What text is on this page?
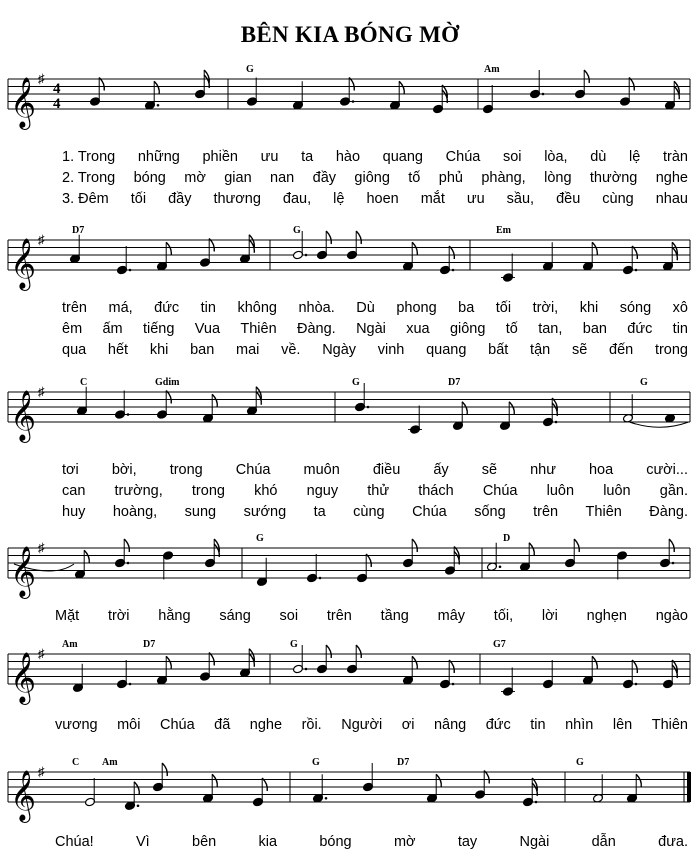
BÊN KIA BÓNG MỜ
𝄞 ♯
4
4
𝄞 ♯
𝄞 ♯
𝄞 ♯
𝄞 ♯
𝄞 ♯
G	Am
1. Trong những phiền ưu ta hào quang Chúa soi lòa, dù lệ tràn
2. Trong bóng mờ gian nan đầy giông tố phủ phàng, lòng thường nghe
3. Đêm tối đầy thương đau, lệ hoen mắt ưu sầu, đều cùng nhau
D7	G	Em
trên má, đức tin không nhòa. Dù phong ba tối trời, khi sóng xô
êm ấm tiếng Vua Thiên Đàng. Ngài xua giông tố tan, ban đức tin
qua hết khi ban mai về. Ngày vinh quang bất tận sẽ đến trong
C	Gdim	G	D7	G
tơi bời, trong Chúa muôn điều ấy sẽ như hoa cười...
can trường, trong khó nguy thử thách Chúa luôn luôn gần.
huy hoàng, sung sướng ta cùng Chúa sống trên Thiên Đàng.
G	D
Mặt trời hằng sáng soi trên tầng mây tối, lời nghẹn ngào
Am	D7	G	G7
vương môi Chúa đã nghe rồi. Người ơi nâng đức tin nhìn lên Thiên
C Am	G	D7	G
Chúa!	Vì	bên	kia	bóng	mờ	tay	Ngài	dẫn	đưa.
